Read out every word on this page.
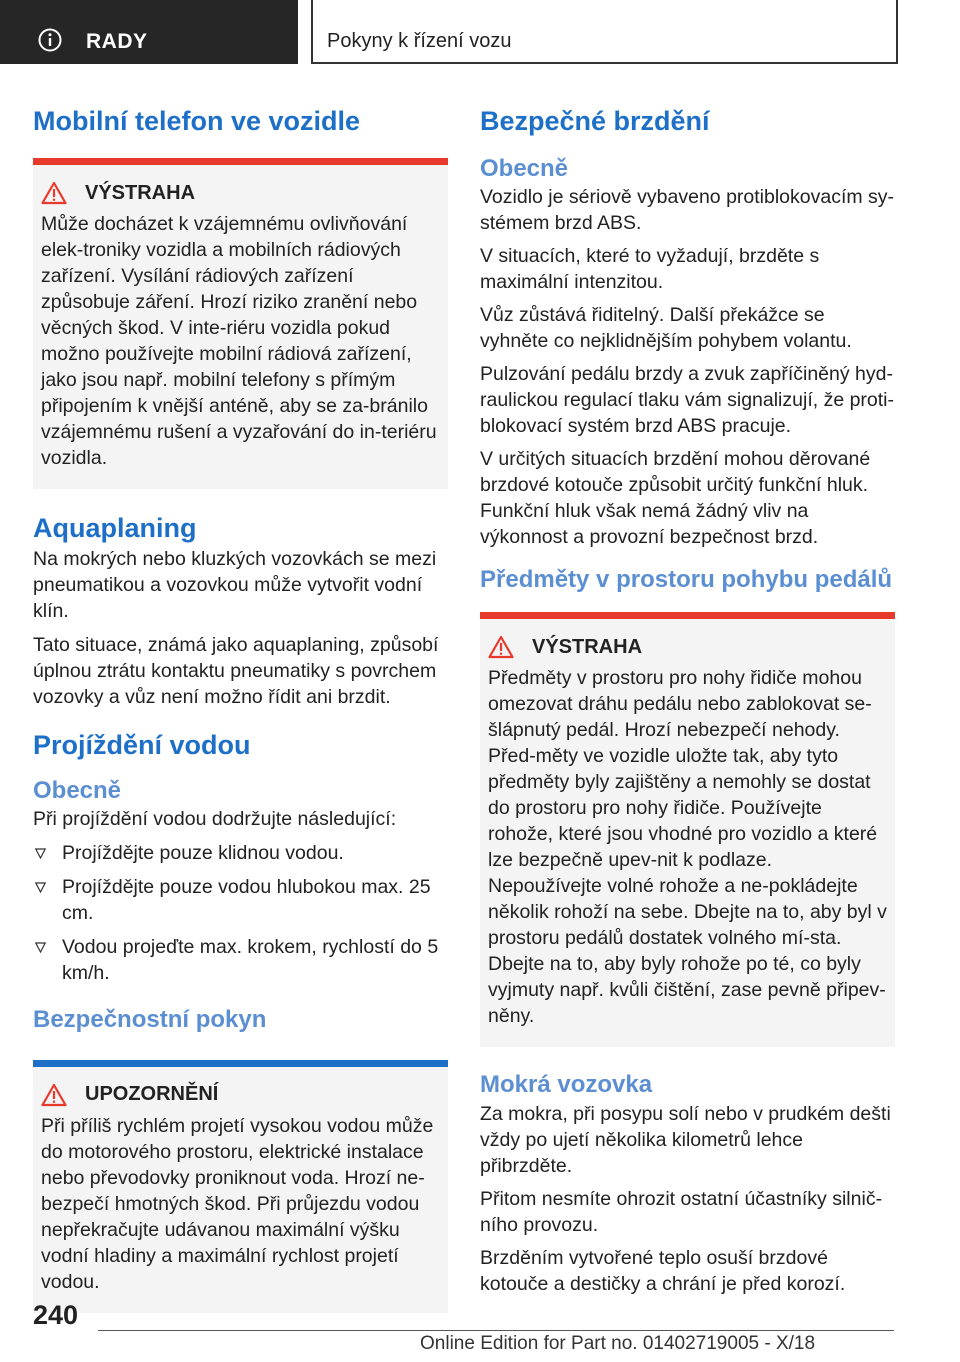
RADY	Pokyny k řízení vozu
Mobilní telefon ve vozidle
VÝSTRAHA
Může docházet k vzájemnému ovlivňování elek-troniky vozidla a mobilních rádiových zařízení. Vysílání rádiových zařízení způsobuje záření. Hrozí riziko zranění nebo věcných škod. V inte-riéru vozidla pokud možno používejte mobilní rádiová zařízení, jako jsou např. mobilní telefony s přímým připojením k vnější anténě, aby se za-bránilo vzájemnému rušení a vyzařování do in-teriéru vozidla.
Aquaplaning

Na mokrých nebo kluzkých vozovkách se mezi pneumatikou a vozovkou může vytvořit vodní klín.

Tato situace, známá jako aquaplaning, způsobí úplnou ztrátu kontaktu pneumatiky s povrchem vozovky a vůz není možno řídit ani brzdit.

Projíždění vodou
Obecně

Při projíždění vodou dodržujte následující:

Projíždějte pouze klidnou vodou.
Projíždějte pouze vodou hlubokou max. 25 cm.
Vodou projeďte max. krokem, rychlostí do 5 km/h.
Bezpečnostní pokyn
UPOZORNĚNÍ
Při příliš rychlém projetí vysokou vodou může do motorového prostoru, elektrické instalace nebo převodovky proniknout voda. Hrozí ne-bezpečí hmotných škod. Při průjezdu vodou nepřekračujte udávanou maximální výšku vodní hladiny a maximální rychlost projetí vodou.
Bezpečné brzdění
Obecně

Vozidlo je sériově vybaveno protiblokovacím sy-stémem brzd ABS.

V situacích, které to vyžadují, brzděte s maximální intenzitou.

Vůz zůstává řiditelný. Další překážce se vyhněte co nejklidnějším pohybem volantu.

Pulzování pedálu brzdy a zvuk zapříčiněný hyd-raulickou regulací tlaku vám signalizují, že proti-blokovací systém brzd ABS pracuje.

V určitých situacích brzdění mohou děrované brzdové kotouče způsobit určitý funkční hluk. Funkční hluk však nemá žádný vliv na výkonnost a provozní bezpečnost brzd.

Předměty v prostoru pohybu pedálů
VÝSTRAHA
Předměty v prostoru pro nohy řidiče mohou omezovat dráhu pedálu nebo zablokovat se-šlápnutý pedál. Hrozí nebezpečí nehody. Před-měty ve vozidle uložte tak, aby tyto předměty byly zajištěny a nemohly se dostat do prostoru pro nohy řidiče. Používejte rohože, které jsou vhodné pro vozidlo a které lze bezpečně upev-nit k podlaze. Nepoužívejte volné rohože a ne-pokládejte několik rohoží na sebe. Dbejte na to, aby byl v prostoru pedálů dostatek volného mí-sta. Dbejte na to, aby byly rohože po té, co byly vyjmuty např. kvůli čištění, zase pevně připev-něny.
Mokrá vozovka

Za mokra, při posypu solí nebo v prudkém dešti vždy po ujetí několika kilometrů lehce přibrzděte.

Přitom nesmíte ohrozit ostatní účastníky silnič-ního provozu.

Brzděním vytvořené teplo osuší brzdové kotouče a destičky a chrání je před korozí.

240
Online Edition for Part no. 01402719005 - X/18
